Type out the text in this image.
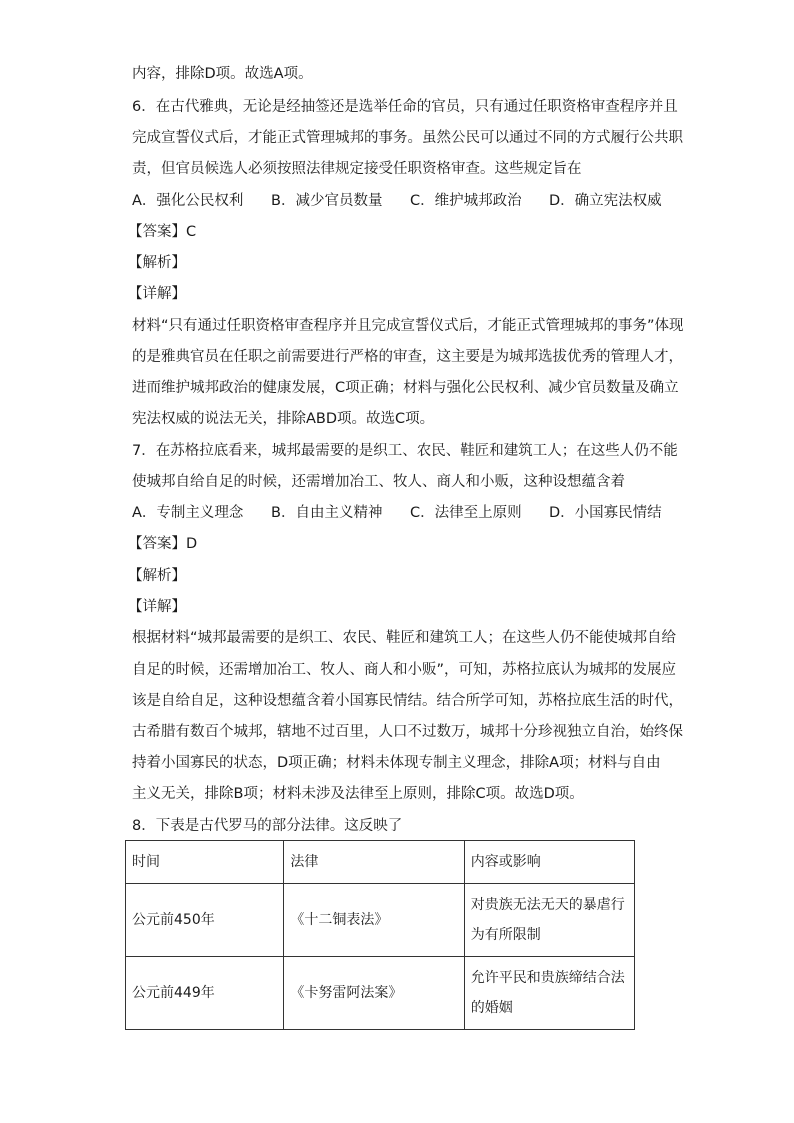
内容，排除D项。故选A项。
6．在古代雅典，无论是经抽签还是选举任命的官员，只有通过任职资格审查程序并且
完成宣誓仪式后，才能正式管理城邦的事务。虽然公民可以通过不同的方式履行公共职
责，但官员候选人必须按照法律规定接受任职资格审查。这些规定旨在
A．强化公民权利 B．减少官员数量 C．维护城邦政治 D．确立宪法权威
【答案】C
【解析】
【详解】
材料“只有通过任职资格审查程序并且完成宣誓仪式后，才能正式管理城邦的事务”体现
的是雅典官员在任职之前需要进行严格的审查，这主要是为城邦选拔优秀的管理人才，
进而维护城邦政治的健康发展，C项正确；材料与强化公民权利、减少官员数量及确立
宪法权威的说法无关，排除ABD项。故选C项。
7．在苏格拉底看来，城邦最需要的是织工、农民、鞋匠和建筑工人；在这些人仍不能
使城邦自给自足的时候，还需增加冶工、牧人、商人和小贩，这种设想蕴含着
A．专制主义理念 B．自由主义精神 C．法律至上原则 D．小国寡民情结
【答案】D
【解析】
【详解】
根据材料“城邦最需要的是织工、农民、鞋匠和建筑工人；在这些人仍不能使城邦自给
自足的时候，还需增加冶工、牧人、商人和小贩”，可知，苏格拉底认为城邦的发展应
该是自给自足，这种设想蕴含着小国寡民情结。结合所学可知，苏格拉底生活的时代，
古希腊有数百个城邦，辖地不过百里，人口不过数万，城邦十分珍视独立自治，始终保
持着小国寡民的状态，D项正确；材料未体现专制主义理念，排除A项；材料与自由
主义无关，排除B项；材料未涉及法律至上原则，排除C项。故选D项。
8．下表是古代罗马的部分法律。这反映了
时间	法律	内容或影响
公元前450年	《十二铜表法》	对贵族无法无天的暴虐行
为有所限制

公元前449年	《卡努雷阿法案》	允许平民和贵族缔结合法
的婚姻
